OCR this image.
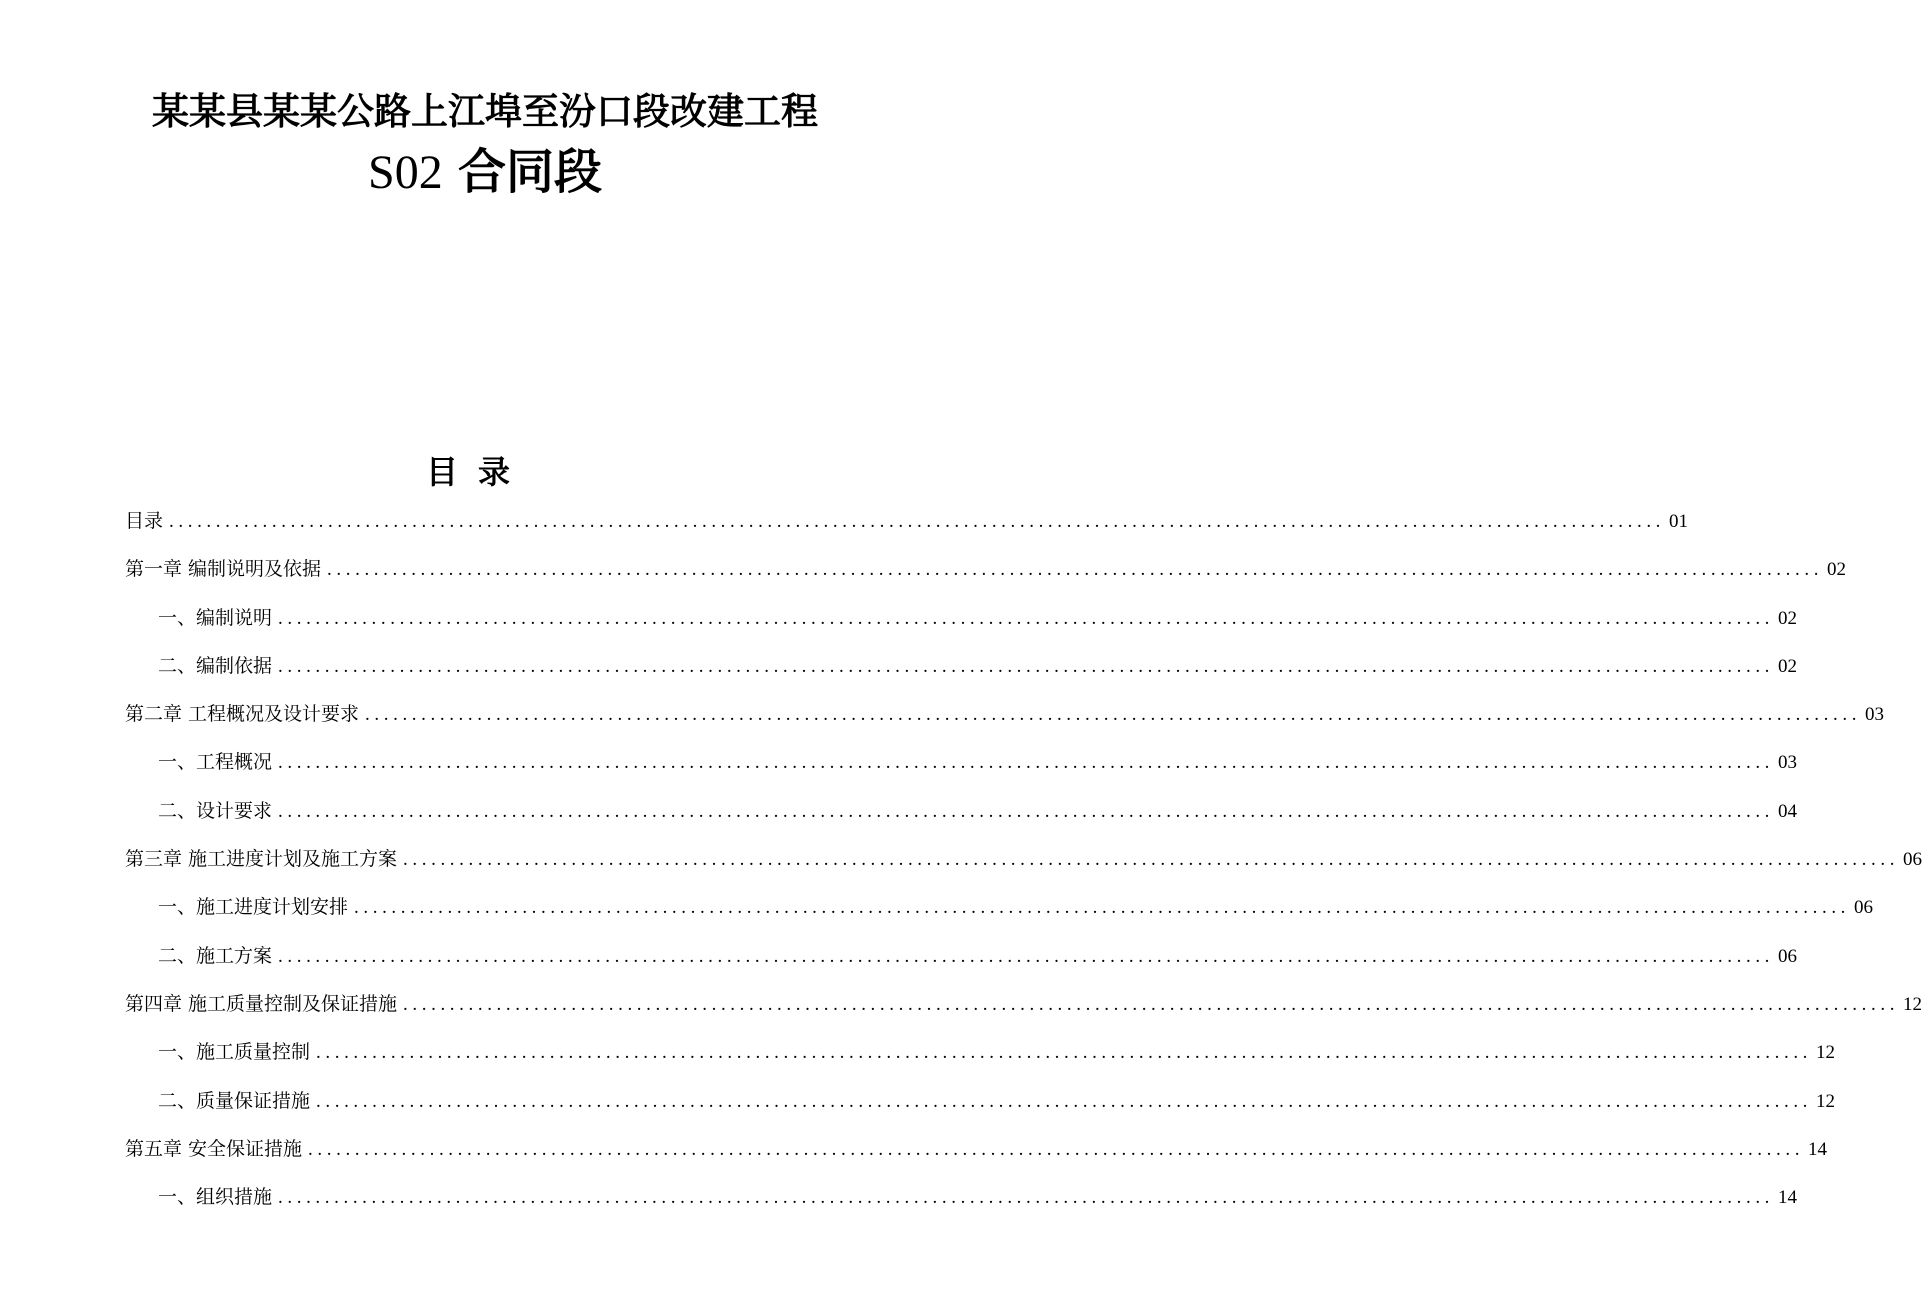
某某县某某公路上江埠至汾口段改建工程
S02 合同段
目录
目录 ................................................................................................................................................................ 01
第一章 编制说明及依据 ................................................................................................................................................................ 02
一、编制说明 ................................................................................................................................................................ 02
二、编制依据 ................................................................................................................................................................ 02
第二章 工程概况及设计要求 ................................................................................................................................................................ 03
一、工程概况 ................................................................................................................................................................ 03
二、设计要求 ................................................................................................................................................................ 04
第三章 施工进度计划及施工方案 ................................................................................................................................................................ 06
一、施工进度计划安排 ................................................................................................................................................................ 06
二、施工方案 ................................................................................................................................................................ 06
第四章 施工质量控制及保证措施 ................................................................................................................................................................ 12
一、施工质量控制 ................................................................................................................................................................ 12
二、质量保证措施 ................................................................................................................................................................ 12
第五章 安全保证措施 ................................................................................................................................................................ 14
一、组织措施 ................................................................................................................................................................ 14
